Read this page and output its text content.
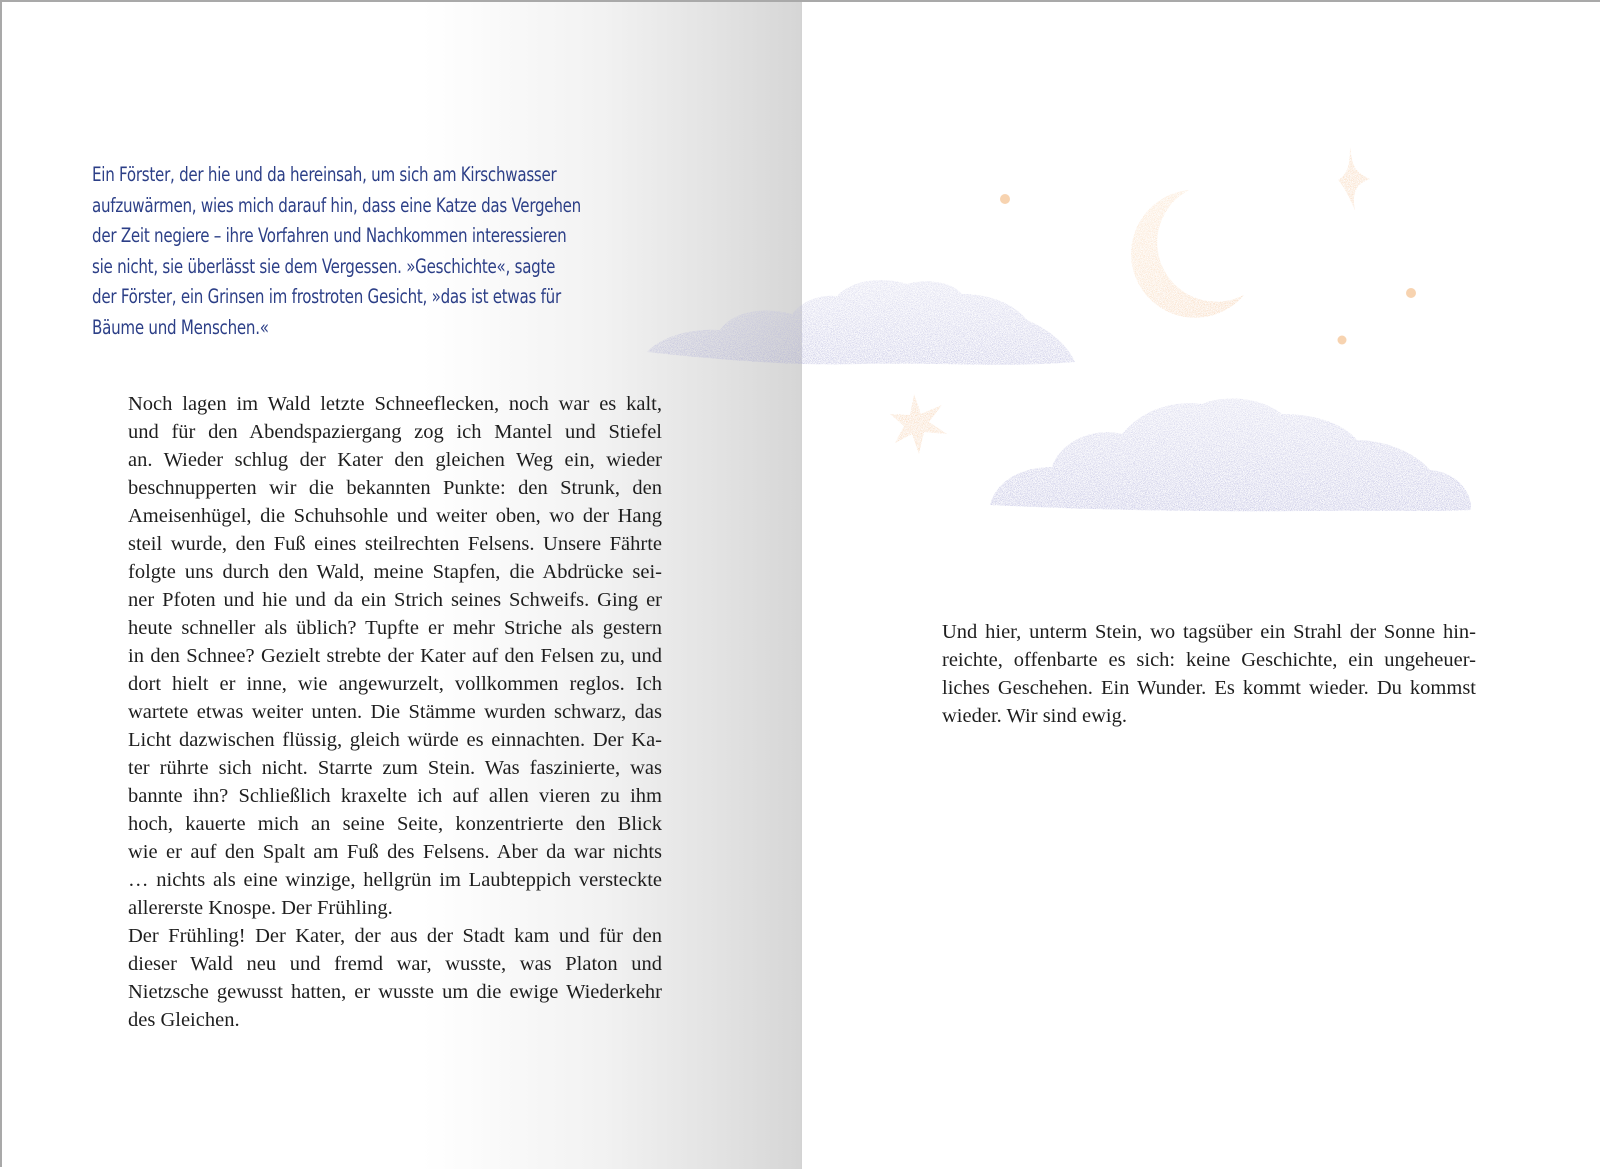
Ein Förster, der hie und da hereinsah, um sich am Kirschwasser
aufzuwärmen, wies mich darauf hin, dass eine Katze das Vergehen
der Zeit negiere – ihre Vorfahren und Nachkommen interessieren
sie nicht, sie überlässt sie dem Vergessen. »Geschichte«, sagte
der Förster, ein Grinsen im frostroten Gesicht, »das ist etwas für
Bäume und Menschen.«
Noch lagen im Wald letzte Schneeflecken, noch war es kalt,
und für den Abendspaziergang zog ich Mantel und Stiefel
an. Wieder schlug der Kater den gleichen Weg ein, wieder
beschnupperten wir die bekannten Punkte: den Strunk, den
Ameisenhügel, die Schuhsohle und weiter oben, wo der Hang
steil wurde, den Fuß eines steilrechten Felsens. Unsere Fährte
folgte uns durch den Wald, meine Stapfen, die Abdrücke sei-
ner Pfoten und hie und da ein Strich seines Schweifs. Ging er
heute schneller als üblich? Tupfte er mehr Striche als gestern
in den Schnee? Gezielt strebte der Kater auf den Felsen zu, und
dort hielt er inne, wie angewurzelt, vollkommen reglos. Ich
wartete etwas weiter unten. Die Stämme wurden schwarz, das
Licht dazwischen flüssig, gleich würde es einnachten. Der Ka-
ter rührte sich nicht. Starrte zum Stein. Was faszinierte, was
bannte ihn? Schließlich kraxelte ich auf allen vieren zu ihm
hoch, kauerte mich an seine Seite, konzentrierte den Blick
wie er auf den Spalt am Fuß des Felsens. Aber da war nichts
… nichts als eine winzige, hellgrün im Laubteppich versteckte
allererste Knospe. Der Frühling.
Der Frühling! Der Kater, der aus der Stadt kam und für den
dieser Wald neu und fremd war, wusste, was Platon und
Nietzsche gewusst hatten, er wusste um die ewige Wiederkehr
des Gleichen.
Und hier, unterm Stein, wo tagsüber ein Strahl der Sonne hin-
reichte, offenbarte es sich: keine Geschichte, ein ungeheuer-
liches Geschehen. Ein Wunder. Es kommt wieder. Du kommst
wieder. Wir sind ewig.
